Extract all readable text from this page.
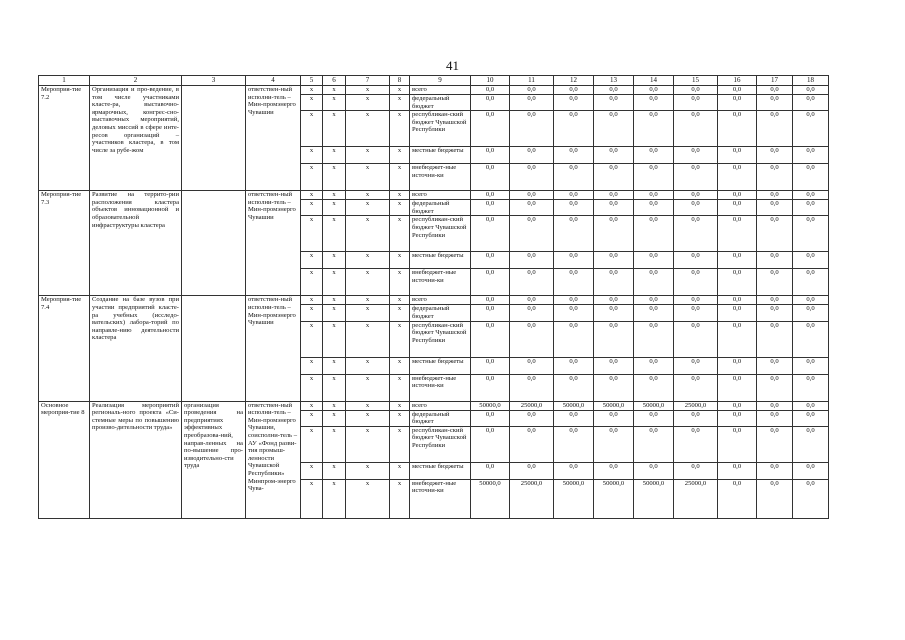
41
1	2	3	4	5	6	7	8	9	10	11	12	13	14	15	16	17	18
Мероприя-тие 7.2	Организация и про-ведение, в том числе участниками класте-ра, выставочно-ярмарочных, конгрес-сно-выставочных мероприятий, деловых миссий в сфере инте-ресов организаций – участников кластера, в том числе за рубе-жом		ответствен-ный исполни-тель – Мин-промэнерго Чувашии	х	х	х	х	всего	0,0	0,0	0,0	0,0	0,0	0,0	0,0	0,0	0,0
				х	х	х	х	федеральный бюджет	0,0	0,0	0,0	0,0	0,0	0,0	0,0	0,0	0,0
				х	х	х	х	республикан-ский бюджет Чувашской Республики	0,0	0,0	0,0	0,0	0,0	0,0	0,0	0,0	0,0
				х	х	х	х	местные бюджеты	0,0	0,0	0,0	0,0	0,0	0,0	0,0	0,0	0,0
				х	х	х	х	внебюджет-ные источни-ки	0,0	0,0	0,0	0,0	0,0	0,0	0,0	0,0	0,0
Мероприя-тие 7.3	Развитие на террито-рии расположения кластера объектов инновационной и образовательной инфраструктуры кластера		ответствен-ный исполни-тель – Мин-промэнерго Чувашии	х	х	х	х	всего	0,0	0,0	0,0	0,0	0,0	0,0	0,0	0,0	0,0
				х	х	х	х	федеральный бюджет	0,0	0,0	0,0	0,0	0,0	0,0	0,0	0,0	0,0
				х	х	х	х	республикан-ский бюджет Чувашской Республики	0,0	0,0	0,0	0,0	0,0	0,0	0,0	0,0	0,0
				х	х	х	х	местные бюджеты	0,0	0,0	0,0	0,0	0,0	0,0	0,0	0,0	0,0
				х	х	х	х	внебюджет-ные источни-ки	0,0	0,0	0,0	0,0	0,0	0,0	0,0	0,0	0,0
Мероприя-тие 7.4	Создание на базе вузов при участии предприятий класте-ра учебных (исследо-вательских) лабора-торий по направле-нию деятельности кластера		ответствен-ный исполни-тель – Мин-промэнерго Чувашии	х	х	х	х	всего	0,0	0,0	0,0	0,0	0,0	0,0	0,0	0,0	0,0
				х	х	х	х	федеральный бюджет	0,0	0,0	0,0	0,0	0,0	0,0	0,0	0,0	0,0
				х	х	х	х	республикан-ский бюджет Чувашской Республики	0,0	0,0	0,0	0,0	0,0	0,0	0,0	0,0	0,0
				х	х	х	х	местные бюджеты	0,0	0,0	0,0	0,0	0,0	0,0	0,0	0,0	0,0
				х	х	х	х	внебюджет-ные источни-ки	0,0	0,0	0,0	0,0	0,0	0,0	0,0	0,0	0,0
Основное мероприя-тие 8	Реализация мероприятий региональ-ного проекта «Си-стемные меры по повышению произво-дительности труда»	организация проведения на предприятиях эффективных преобразова-ний, направ-ленных на по-вышение про-изводительно-сти труда	ответствен-ный исполни-тель – Мин-промэнерго Чувашии, соисполни-тель – АУ «Фонд разви-тия промыш-ленности Чувашской Республики» Минпром-энерго Чува-	х	х	х	х	всего	50000,0	25000,0	50000,0	50000,0	50000,0	25000,0	0,0	0,0	0,0
				х	х	х	х	федеральный бюджет	0,0	0,0	0,0	0,0	0,0	0,0	0,0	0,0	0,0
				х	х	х	х	республикан-ский бюджет Чувашской Республики	0,0	0,0	0,0	0,0	0,0	0,0	0,0	0,0	0,0
				х	х	х	х	местные бюджеты	0,0	0,0	0,0	0,0	0,0	0,0	0,0	0,0	0,0
				х	х	х	х	внебюджет-ные источни-ки	50000,0	25000,0	50000,0	50000,0	50000,0	25000,0	0,0	0,0	0,0
